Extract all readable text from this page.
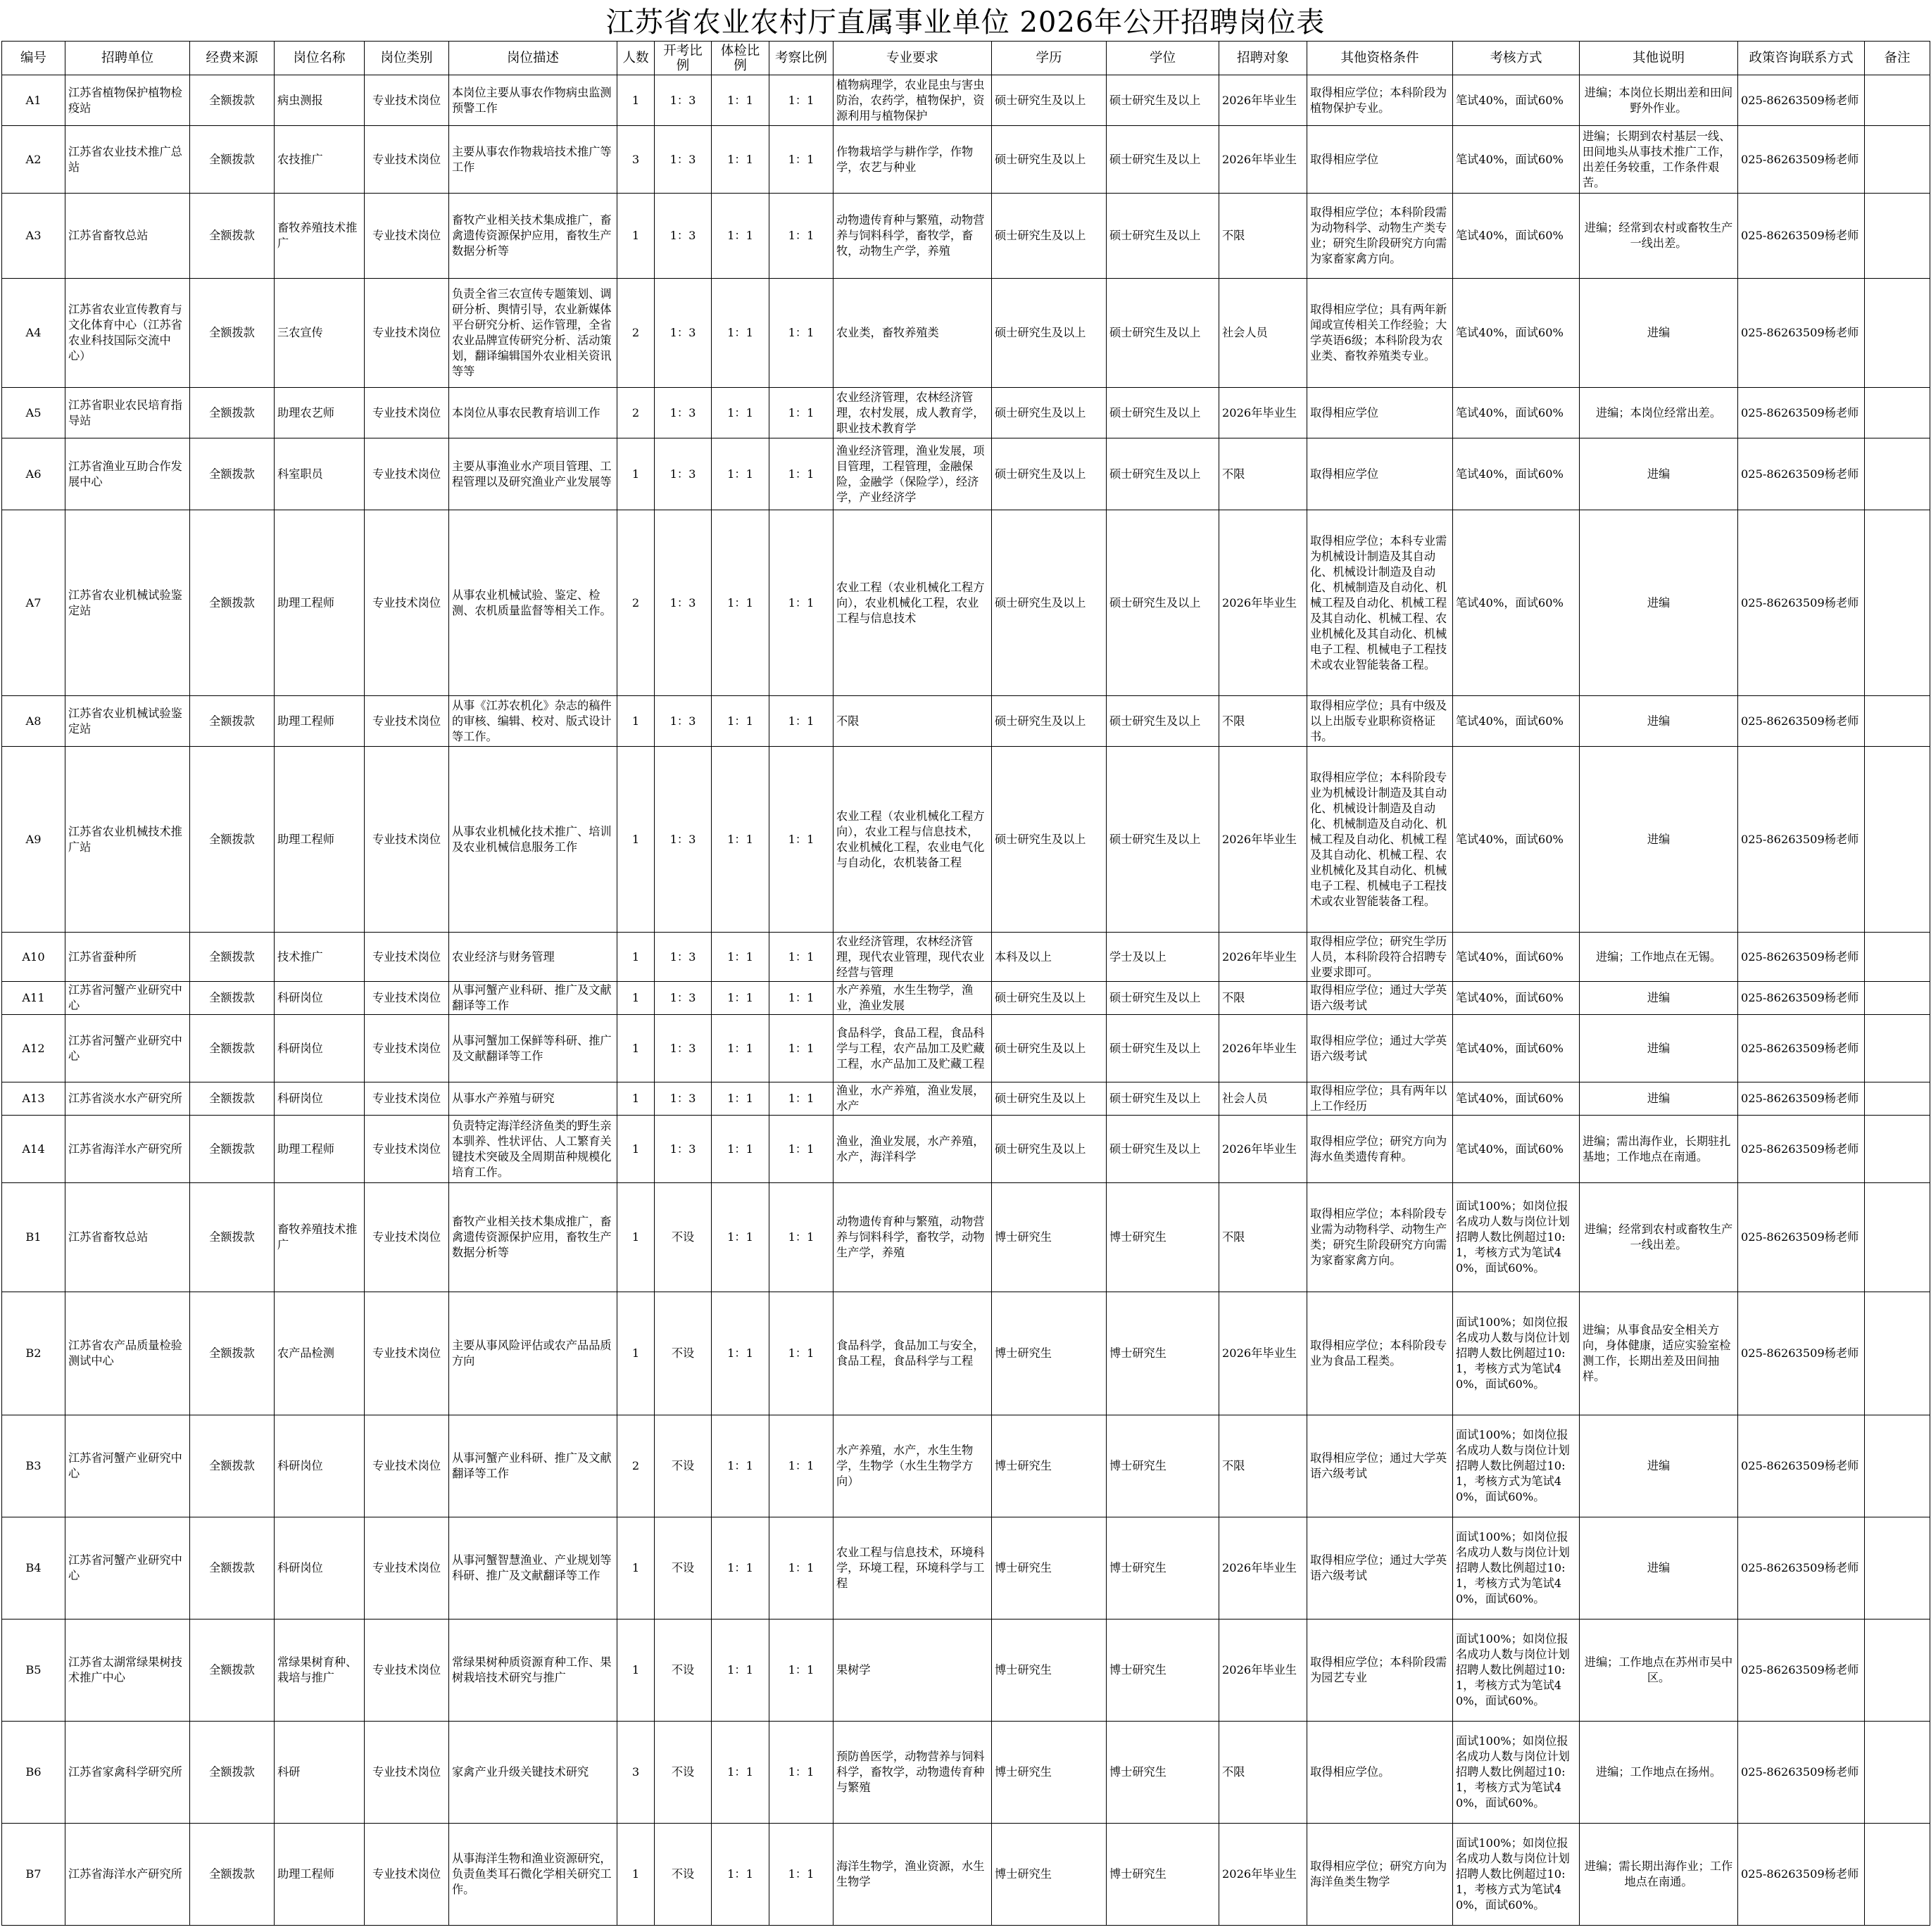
江苏省农业农村厅直属事业单位 2026年公开招聘岗位表
编号	招聘单位	经费来源	岗位名称	岗位类别	岗位描述	人数	开考比例	体检比例	考察比例	专业要求	学历	学位	招聘对象	其他资格条件	考核方式	其他说明	政策咨询联系方式	备注
A1	江苏省植物保护植物检疫站	全额拨款	病虫测报	专业技术岗位	本岗位主要从事农作物病虫监测预警工作	1	1：3	1：1	1：1	植物病理学，农业昆虫与害虫防治，农药学，植物保护，资源利用与植物保护	硕士研究生及以上	硕士研究生及以上	2026年毕业生	取得相应学位；本科阶段为植物保护专业。	笔试40%，面试60%	进编；本岗位长期出差和田间野外作业。	025-86263509杨老师	
A2	江苏省农业技术推广总站	全额拨款	农技推广	专业技术岗位	主要从事农作物栽培技术推广等工作	3	1：3	1：1	1：1	作物栽培学与耕作学，作物学，农艺与种业	硕士研究生及以上	硕士研究生及以上	2026年毕业生	取得相应学位	笔试40%，面试60%	进编；长期到农村基层一线、田间地头从事技术推广工作，出差任务较重，工作条件艰苦。	025-86263509杨老师	
A3	江苏省畜牧总站	全额拨款	畜牧养殖技术推广	专业技术岗位	畜牧产业相关技术集成推广，畜禽遗传资源保护应用，畜牧生产数据分析等	1	1：3	1：1	1：1	动物遗传育种与繁殖，动物营养与饲料科学，畜牧学，畜牧，动物生产学，养殖	硕士研究生及以上	硕士研究生及以上	不限	取得相应学位；本科阶段需为动物科学、动物生产类专业；研究生阶段研究方向需为家畜家禽方向。	笔试40%，面试60%	进编；经常到农村或畜牧生产一线出差。	025-86263509杨老师	
A4	江苏省农业宣传教育与文化体育中心（江苏省农业科技国际交流中心）	全额拨款	三农宣传	专业技术岗位	负责全省三农宣传专题策划、调研分析、舆情引导，农业新媒体平台研究分析、运作管理，全省农业品牌宣传研究分析、活动策划，翻译编辑国外农业相关资讯等等	2	1：3	1：1	1：1	农业类，畜牧养殖类	硕士研究生及以上	硕士研究生及以上	社会人员	取得相应学位；具有两年新闻或宣传相关工作经验；大学英语6级；本科阶段为农业类、畜牧养殖类专业。	笔试40%，面试60%	进编	025-86263509杨老师	
A5	江苏省职业农民培育指导站	全额拨款	助理农艺师	专业技术岗位	本岗位从事农民教育培训工作	2	1：3	1：1	1：1	农业经济管理，农林经济管理，农村发展，成人教育学，职业技术教育学	硕士研究生及以上	硕士研究生及以上	2026年毕业生	取得相应学位	笔试40%，面试60%	进编；本岗位经常出差。	025-86263509杨老师	
A6	江苏省渔业互助合作发展中心	全额拨款	科室职员	专业技术岗位	主要从事渔业水产项目管理、工程管理以及研究渔业产业发展等	1	1：3	1：1	1：1	渔业经济管理，渔业发展，项目管理，工程管理，金融保险，金融学（保险学），经济学，产业经济学	硕士研究生及以上	硕士研究生及以上	不限	取得相应学位	笔试40%，面试60%	进编	025-86263509杨老师	
A7	江苏省农业机械试验鉴定站	全额拨款	助理工程师	专业技术岗位	从事农业机械试验、鉴定、检测、农机质量监督等相关工作。	2	1：3	1：1	1：1	农业工程（农业机械化工程方向），农业机械化工程，农业工程与信息技术	硕士研究生及以上	硕士研究生及以上	2026年毕业生	取得相应学位；本科专业需为机械设计制造及其自动化、机械设计制造及自动化、机械制造及自动化、机械工程及自动化、机械工程及其自动化、机械工程、农业机械化及其自动化、机械电子工程、机械电子工程技术或农业智能装备工程。	笔试40%，面试60%	进编	025-86263509杨老师	
A8	江苏省农业机械试验鉴定站	全额拨款	助理工程师	专业技术岗位	从事《江苏农机化》杂志的稿件的审核、编辑、校对、版式设计等工作。	1	1：3	1：1	1：1	不限	硕士研究生及以上	硕士研究生及以上	不限	取得相应学位；具有中级及以上出版专业职称资格证书。	笔试40%，面试60%	进编	025-86263509杨老师	
A9	江苏省农业机械技术推广站	全额拨款	助理工程师	专业技术岗位	从事农业机械化技术推广、培训及农业机械信息服务工作	1	1：3	1：1	1：1	农业工程（农业机械化工程方向），农业工程与信息技术，农业机械化工程，农业电气化与自动化，农机装备工程	硕士研究生及以上	硕士研究生及以上	2026年毕业生	取得相应学位；本科阶段专业为机械设计制造及其自动化、机械设计制造及自动化、机械制造及自动化、机械工程及自动化、机械工程及其自动化、机械工程、农业机械化及其自动化、机械电子工程、机械电子工程技术或农业智能装备工程。	笔试40%，面试60%	进编	025-86263509杨老师	
A10	江苏省蚕种所	全额拨款	技术推广	专业技术岗位	农业经济与财务管理	1	1：3	1：1	1：1	农业经济管理，农林经济管理，现代农业管理，现代农业经营与管理	本科及以上	学士及以上	2026年毕业生	取得相应学位；研究生学历人员，本科阶段符合招聘专业要求即可。	笔试40%，面试60%	进编；工作地点在无锡。	025-86263509杨老师	
A11	江苏省河蟹产业研究中心	全额拨款	科研岗位	专业技术岗位	从事河蟹产业科研、推广及文献翻译等工作	1	1：3	1：1	1：1	水产养殖，水生生物学，渔业，渔业发展	硕士研究生及以上	硕士研究生及以上	不限	取得相应学位；通过大学英语六级考试	笔试40%，面试60%	进编	025-86263509杨老师	
A12	江苏省河蟹产业研究中心	全额拨款	科研岗位	专业技术岗位	从事河蟹加工保鲜等科研、推广及文献翻译等工作	1	1：3	1：1	1：1	食品科学，食品工程，食品科学与工程，农产品加工及贮藏工程，水产品加工及贮藏工程	硕士研究生及以上	硕士研究生及以上	2026年毕业生	取得相应学位；通过大学英语六级考试	笔试40%，面试60%	进编	025-86263509杨老师	
A13	江苏省淡水水产研究所	全额拨款	科研岗位	专业技术岗位	从事水产养殖与研究	1	1：3	1：1	1：1	渔业，水产养殖，渔业发展，水产	硕士研究生及以上	硕士研究生及以上	社会人员	取得相应学位；具有两年以上工作经历	笔试40%，面试60%	进编	025-86263509杨老师	
A14	江苏省海洋水产研究所	全额拨款	助理工程师	专业技术岗位	负责特定海洋经济鱼类的野生亲本驯养、性状评估、人工繁育关键技术突破及全周期苗种规模化培育工作。	1	1：3	1：1	1：1	渔业，渔业发展，水产养殖，水产，海洋科学	硕士研究生及以上	硕士研究生及以上	2026年毕业生	取得相应学位；研究方向为海水鱼类遗传育种。	笔试40%，面试60%	进编；需出海作业，长期驻扎基地；工作地点在南通。	025-86263509杨老师	
B1	江苏省畜牧总站	全额拨款	畜牧养殖技术推广	专业技术岗位	畜牧产业相关技术集成推广，畜禽遗传资源保护应用，畜牧生产数据分析等	1	不设	1：1	1：1	动物遗传育种与繁殖，动物营养与饲料科学，畜牧学，动物生产学，养殖	博士研究生	博士研究生	不限	取得相应学位；本科阶段专业需为动物科学、动物生产类；研究生阶段研究方向需为家畜家禽方向。	面试100%；如岗位报名成功人数与岗位计划招聘人数比例超过10:1，考核方式为笔试40%，面试60%。	进编；经常到农村或畜牧生产一线出差。	025-86263509杨老师	
B2	江苏省农产品质量检验测试中心	全额拨款	农产品检测	专业技术岗位	主要从事风险评估或农产品品质方向	1	不设	1：1	1：1	食品科学，食品加工与安全，食品工程，食品科学与工程	博士研究生	博士研究生	2026年毕业生	取得相应学位；本科阶段专业为食品工程类。	面试100%；如岗位报名成功人数与岗位计划招聘人数比例超过10:1，考核方式为笔试40%，面试60%。	进编；从事食品安全相关方向，身体健康，适应实验室检测工作，长期出差及田间抽样。	025-86263509杨老师	
B3	江苏省河蟹产业研究中心	全额拨款	科研岗位	专业技术岗位	从事河蟹产业科研、推广及文献翻译等工作	2	不设	1：1	1：1	水产养殖，水产，水生生物学，生物学（水生生物学方向）	博士研究生	博士研究生	不限	取得相应学位；通过大学英语六级考试	面试100%；如岗位报名成功人数与岗位计划招聘人数比例超过10:1，考核方式为笔试40%，面试60%。	进编	025-86263509杨老师	
B4	江苏省河蟹产业研究中心	全额拨款	科研岗位	专业技术岗位	从事河蟹智慧渔业、产业规划等科研、推广及文献翻译等工作	1	不设	1：1	1：1	农业工程与信息技术，环境科学，环境工程，环境科学与工程	博士研究生	博士研究生	2026年毕业生	取得相应学位；通过大学英语六级考试	面试100%；如岗位报名成功人数与岗位计划招聘人数比例超过10:1，考核方式为笔试40%，面试60%。	进编	025-86263509杨老师	
B5	江苏省太湖常绿果树技术推广中心	全额拨款	常绿果树育种、栽培与推广	专业技术岗位	常绿果树种质资源育种工作、果树栽培技术研究与推广	1	不设	1：1	1：1	果树学	博士研究生	博士研究生	2026年毕业生	取得相应学位；本科阶段需为园艺专业	面试100%；如岗位报名成功人数与岗位计划招聘人数比例超过10:1，考核方式为笔试40%，面试60%。	进编；工作地点在苏州市吴中区。	025-86263509杨老师	
B6	江苏省家禽科学研究所	全额拨款	科研	专业技术岗位	家禽产业升级关键技术研究	3	不设	1：1	1：1	预防兽医学，动物营养与饲料科学，畜牧学，动物遗传育种与繁殖	博士研究生	博士研究生	不限	取得相应学位。	面试100%；如岗位报名成功人数与岗位计划招聘人数比例超过10:1，考核方式为笔试40%，面试60%。	进编；工作地点在扬州。	025-86263509杨老师	
B7	江苏省海洋水产研究所	全额拨款	助理工程师	专业技术岗位	从事海洋生物和渔业资源研究，负责鱼类耳石微化学相关研究工作。	1	不设	1：1	1：1	海洋生物学，渔业资源，水生生物学	博士研究生	博士研究生	2026年毕业生	取得相应学位；研究方向为海洋鱼类生物学	面试100%；如岗位报名成功人数与岗位计划招聘人数比例超过10:1，考核方式为笔试40%，面试60%。	进编；需长期出海作业；工作地点在南通。	025-86263509杨老师	
